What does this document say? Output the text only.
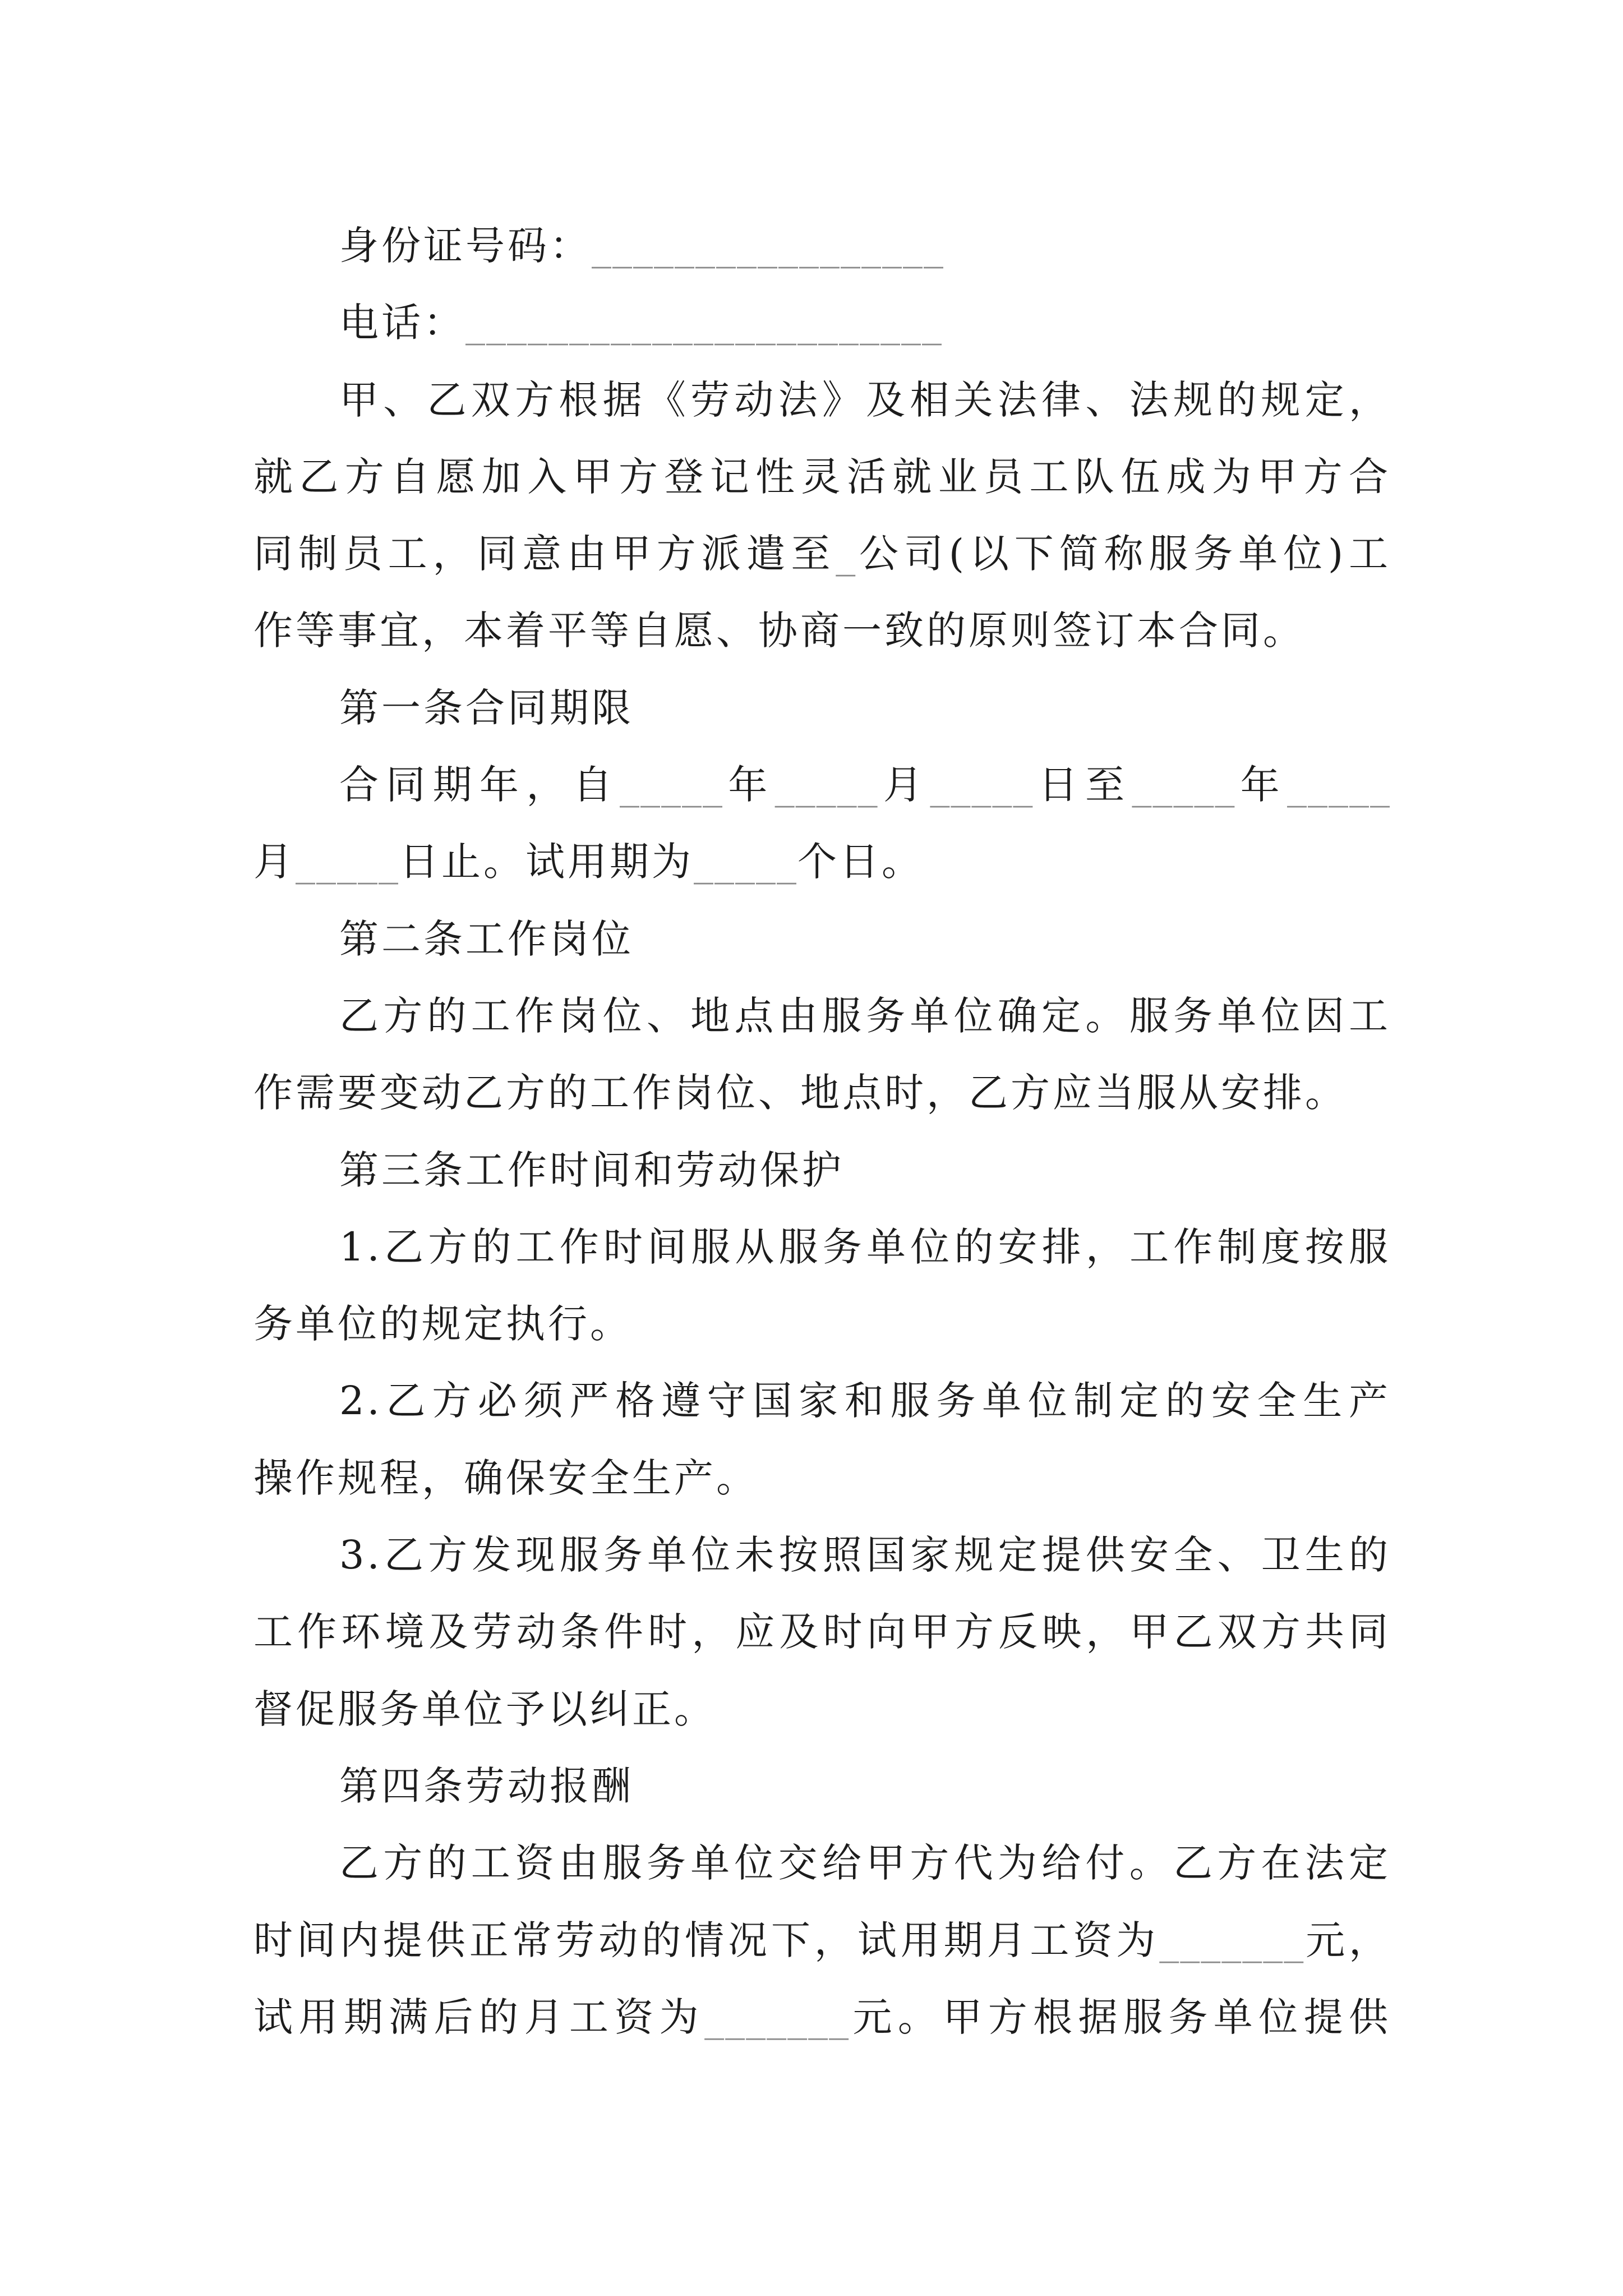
身份证号码：_________________
电话：_______________________
甲、乙双方根据《劳动法》及相关法律、法规的规定，
就乙方自愿加入甲方登记性灵活就业员工队伍成为甲方合
同制员工，同意由甲方派遣至_公司(以下简称服务单位)工
作等事宜，本着平等自愿、协商一致的原则签订本合同。
第一条合同期限
合同期年，自_____年_____月_____日至_____年_____
月_____日止。试用期为_____个日。
第二条工作岗位
乙方的工作岗位、地点由服务单位确定。服务单位因工
作需要变动乙方的工作岗位、地点时，乙方应当服从安排。
第三条工作时间和劳动保护
1.乙方的工作时间服从服务单位的安排，工作制度按服
务单位的规定执行。
2.乙方必须严格遵守国家和服务单位制定的安全生产
操作规程，确保安全生产。
3.乙方发现服务单位未按照国家规定提供安全、卫生的
工作环境及劳动条件时，应及时向甲方反映，甲乙双方共同
督促服务单位予以纠正。
第四条劳动报酬
乙方的工资由服务单位交给甲方代为给付。乙方在法定
时间内提供正常劳动的情况下，试用期月工资为_______元，
试用期满后的月工资为_______元。甲方根据服务单位提供
